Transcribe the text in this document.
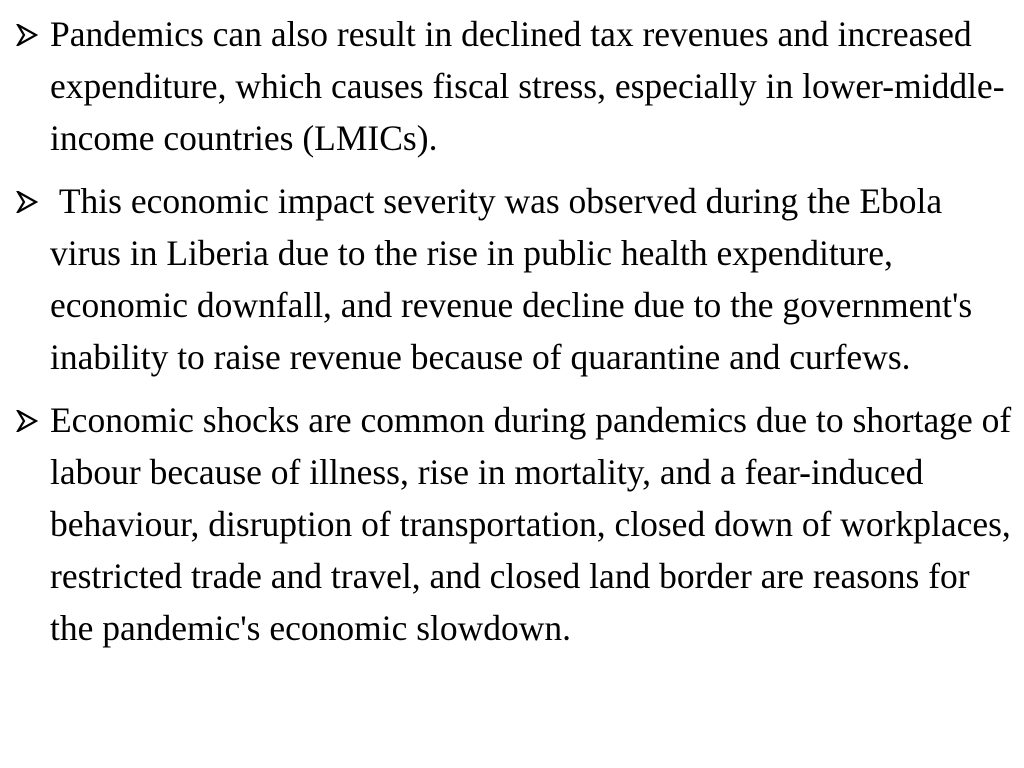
Pandemics can also result in declined tax revenues and increased expenditure, which causes fiscal stress, especially in lower-middle-income countries (LMICs).
This economic impact severity was observed during the Ebola virus in Liberia due to the rise in public health expenditure, economic downfall, and revenue decline due to the government's inability to raise revenue because of quarantine and curfews.
Economic shocks are common during pandemics due to shortage of labour because of illness, rise in mortality, and a fear-induced behaviour, disruption of transportation, closed down of workplaces, restricted trade and travel, and closed land border are reasons for the pandemic's economic slowdown.
